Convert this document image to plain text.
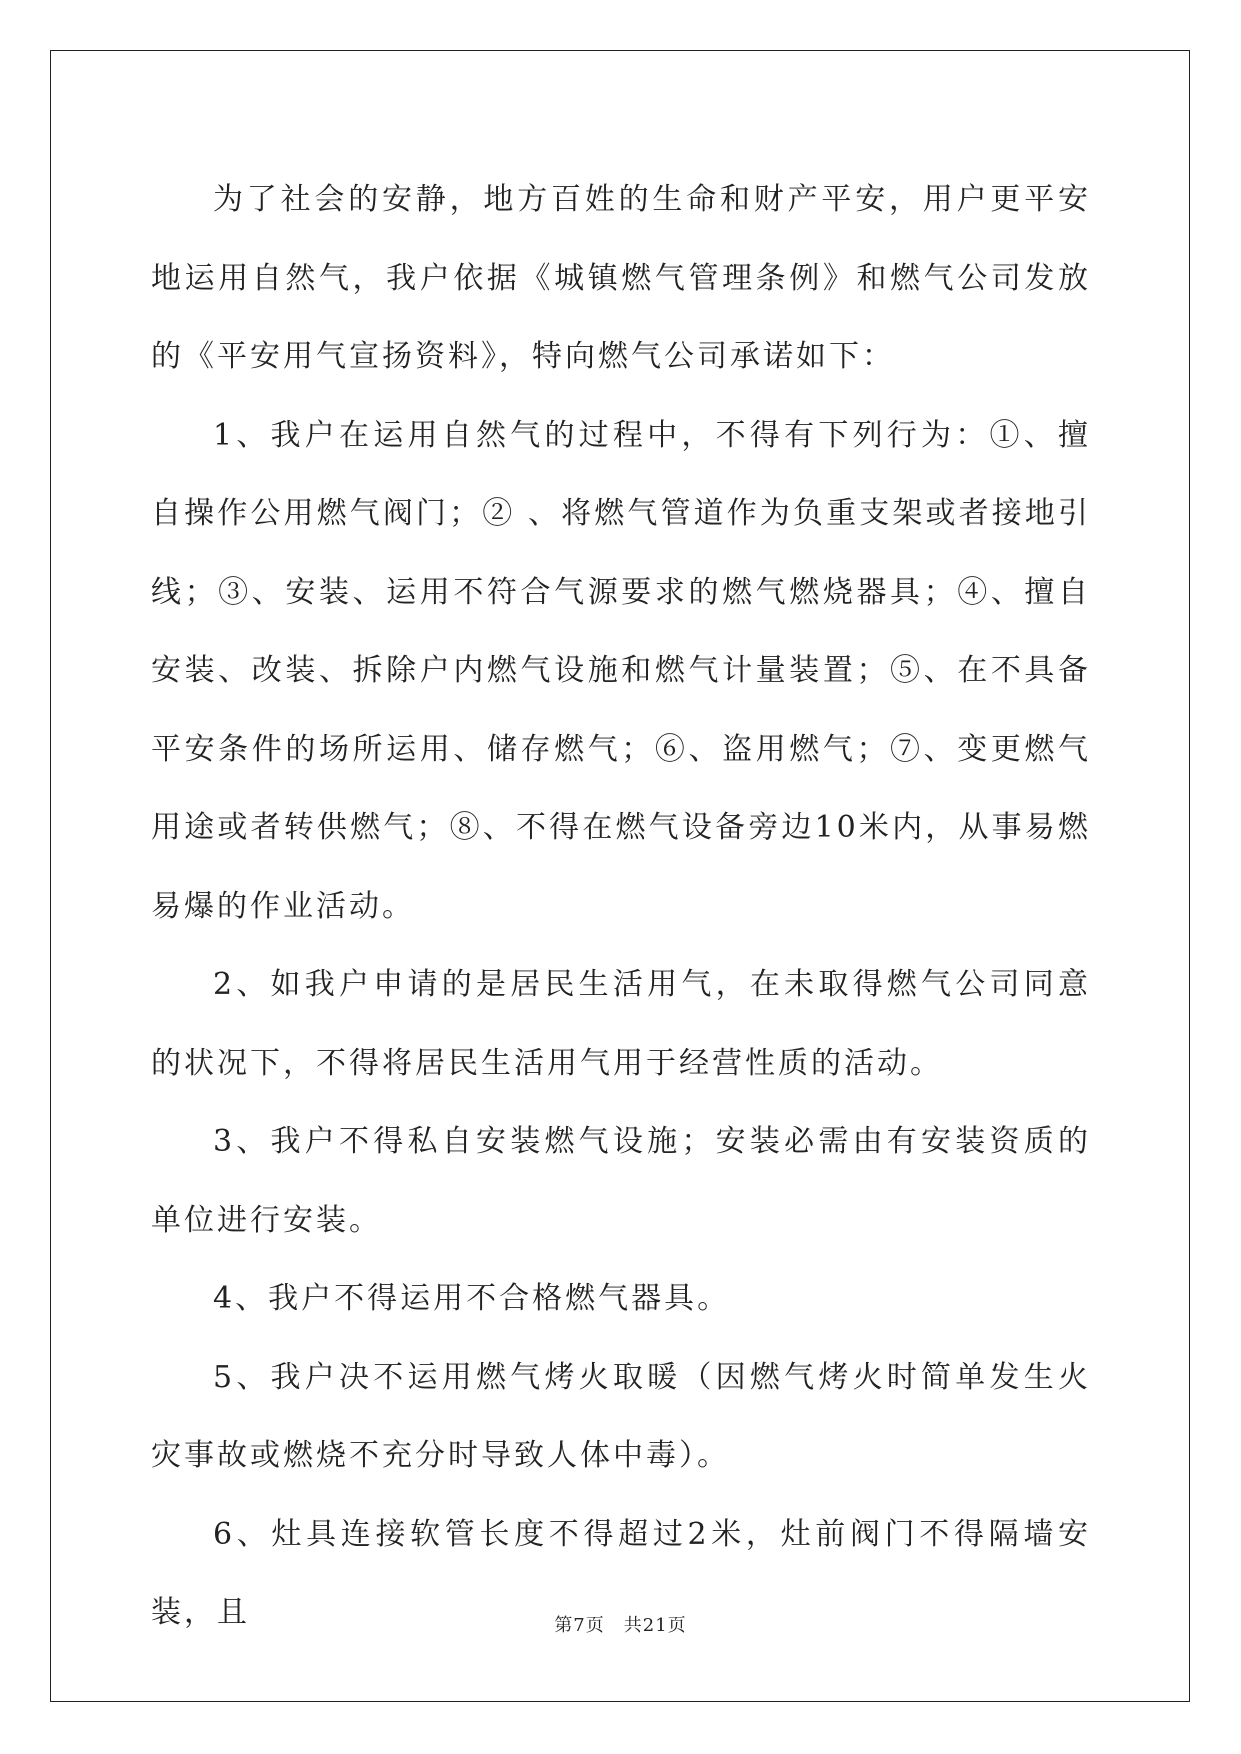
为了社会的安静，地方百姓的生命和财产平安，用户更平安地运用自然气，我户依据《城镇燃气管理条例》和燃气公司发放的《平安用气宣扬资料》，特向燃气公司承诺如下：

1、我户在运用自然气的过程中，不得有下列行为：①、擅自操作公用燃气阀门；② 、将燃气管道作为负重支架或者接地引线；③、安装、运用不符合气源要求的燃气燃烧器具；④、擅自安装、改装、拆除户内燃气设施和燃气计量装置；⑤、在不具备平安条件的场所运用、储存燃气；⑥、盗用燃气；⑦、变更燃气用途或者转供燃气；⑧、不得在燃气设备旁边10米内，从事易燃易爆的作业活动。

2、如我户申请的是居民生活用气，在未取得燃气公司同意的状况下，不得将居民生活用气用于经营性质的活动。

3、我户不得私自安装燃气设施；安装必需由有安装资质的单位进行安装。

4、我户不得运用不合格燃气器具。

5、我户决不运用燃气烤火取暖（因燃气烤火时简单发生火灾事故或燃烧不充分时导致人体中毒）。

6、灶具连接软管长度不得超过2米，灶前阀门不得隔墙安装，且	第7页　共21页
